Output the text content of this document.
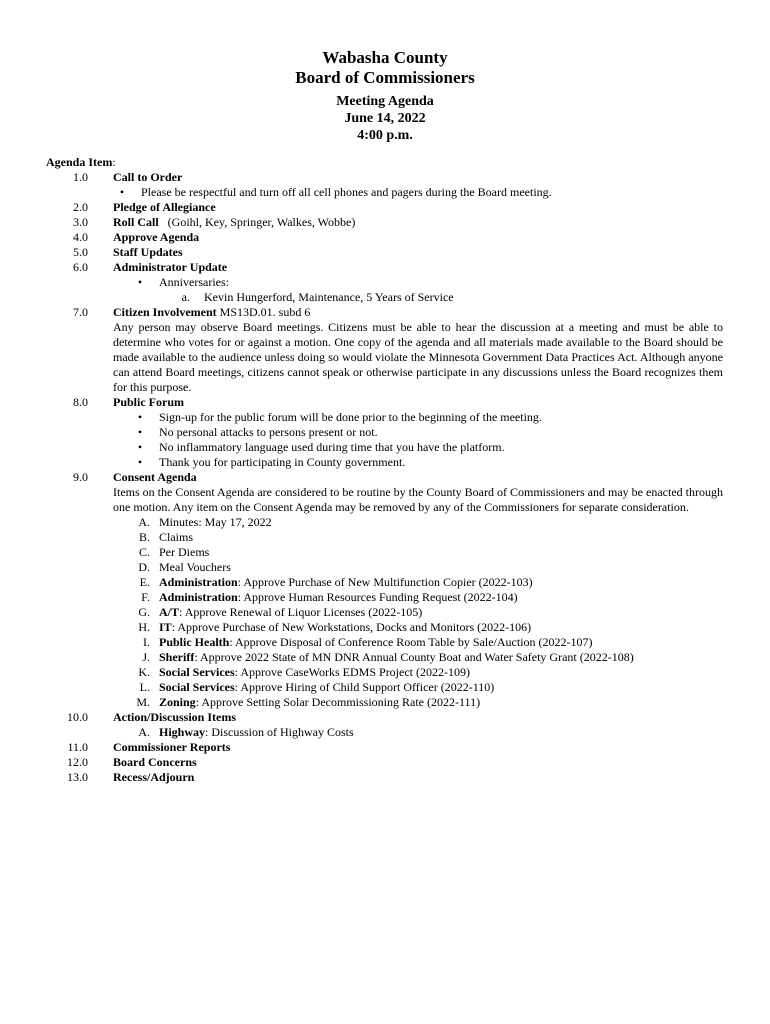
Wabasha County
Board of Commissioners
Meeting Agenda
June 14, 2022
4:00 p.m.
Agenda Item:
1.0 Call to Order
• Please be respectful and turn off all cell phones and pagers during the Board meeting.
2.0 Pledge of Allegiance
3.0 Roll Call (Goihl, Key, Springer, Walkes, Wobbe)
4.0 Approve Agenda
5.0 Staff Updates
6.0 Administrator Update
• Anniversaries:
a. Kevin Hungerford, Maintenance, 5 Years of Service
7.0 Citizen Involvement MS13D.01. subd 6
Any person may observe Board meetings. Citizens must be able to hear the discussion at a meeting and must be able to determine who votes for or against a motion. One copy of the agenda and all materials made available to the Board should be made available to the audience unless doing so would violate the Minnesota Government Data Practices Act. Although anyone can attend Board meetings, citizens cannot speak or otherwise participate in any discussions unless the Board recognizes them for this purpose.
8.0 Public Forum
• Sign-up for the public forum will be done prior to the beginning of the meeting.
• No personal attacks to persons present or not.
• No inflammatory language used during time that you have the platform.
• Thank you for participating in County government.
9.0 Consent Agenda
Items on the Consent Agenda are considered to be routine by the County Board of Commissioners and may be enacted through one motion. Any item on the Consent Agenda may be removed by any of the Commissioners for separate consideration.
A. Minutes: May 17, 2022
B. Claims
C. Per Diems
D. Meal Vouchers
E. Administration: Approve Purchase of New Multifunction Copier (2022-103)
F. Administration: Approve Human Resources Funding Request (2022-104)
G. A/T: Approve Renewal of Liquor Licenses (2022-105)
H. IT: Approve Purchase of New Workstations, Docks and Monitors (2022-106)
I. Public Health: Approve Disposal of Conference Room Table by Sale/Auction (2022-107)
J. Sheriff: Approve 2022 State of MN DNR Annual County Boat and Water Safety Grant (2022-108)
K. Social Services: Approve CaseWorks EDMS Project (2022-109)
L. Social Services: Approve Hiring of Child Support Officer (2022-110)
M. Zoning: Approve Setting Solar Decommissioning Rate (2022-111)
10.0 Action/Discussion Items
A. Highway: Discussion of Highway Costs
11.0 Commissioner Reports
12.0 Board Concerns
13.0 Recess/Adjourn
